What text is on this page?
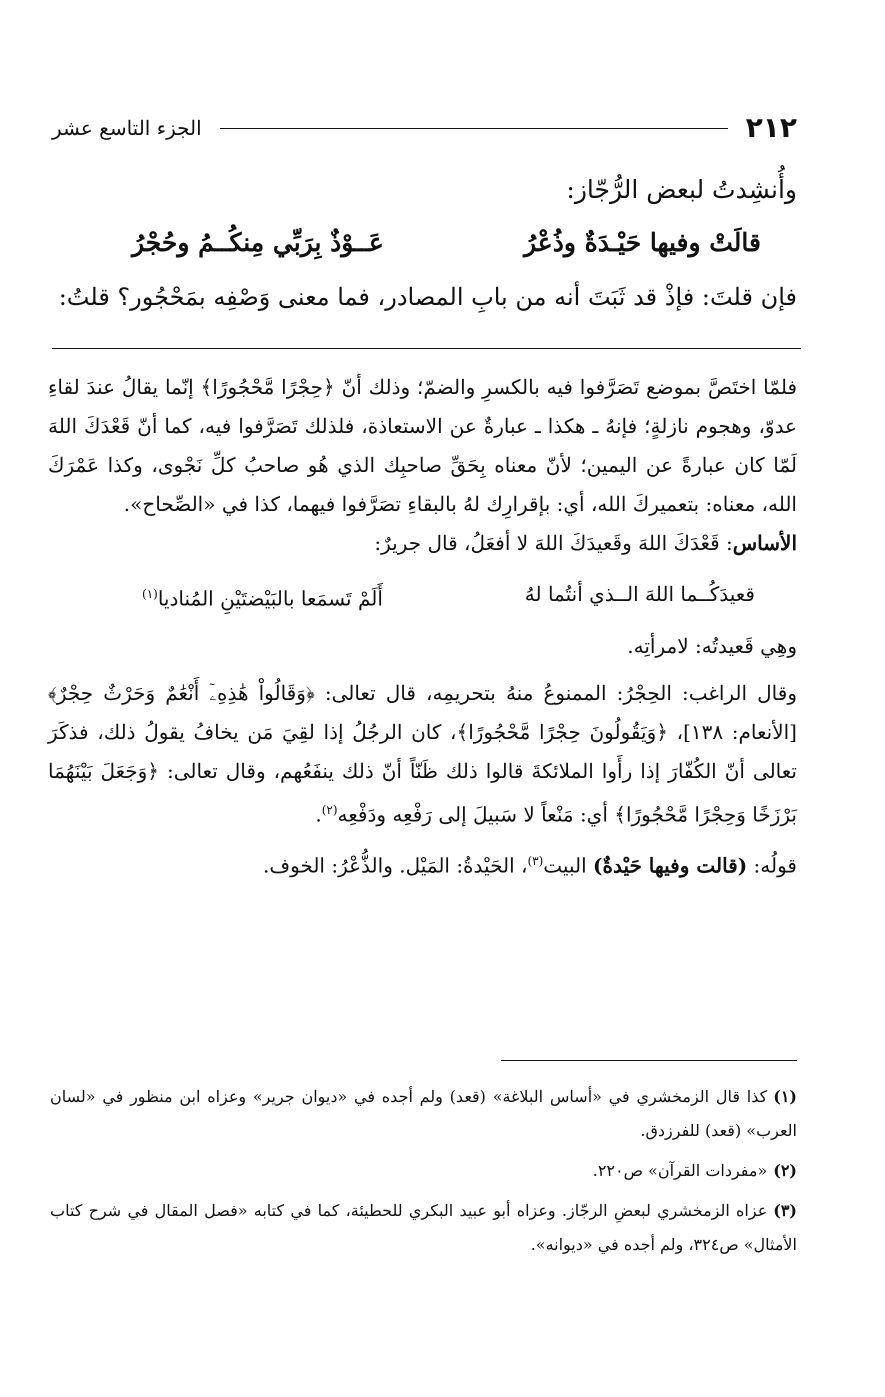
٢١٢
الجزء التاسع عشر

وأُنشِدتُ لبعض الرُّجّاز:

قالَتْ وفيها حَيْـدَةٌ وذُعْرُ
عَــوْذٌ بِرَبِّي مِنكُــمُ وحُجْرُ

فإن قلتَ: فإذْ قد ثَبَتَ أنه من بابِ المصادر، فما معنى وَصْفِه بمَحْجُور؟ قلتُ:

فلمّا اختَصَّ بموضع تَصَرَّفوا فيه بالكسرِ والضمّ؛ وذلك أنّ ﴿حِجْرًا مَّحْجُورًا﴾ إنّما يقالُ عندَ لقاءِ عدوّ، وهجوم نازلةٍ؛ فإنهُ ـ هكذا ـ عبارةٌ عن الاستعاذة، فلذلك تَصَرَّفوا فيه، كما أنّ قَعْدَكَ اللهَ لَمّا كان عبارةً عن اليمين؛ لأنّ معناه بِحَقِّ صاحبِك الذي هُو صاحبُ كلِّ نَجْوى، وكذا عَمْرَكَ الله، معناه: بتعميركَ الله، أي: بإقرارِك لهُ بالبقاءِ تصَرَّفوا فيهما، كذا في «الصِّحاح».

الأساس: قَعْدَكَ اللهَ وقَعيدَكَ اللهَ لا أفعَلُ، قال جريرٌ:

قعيدَكُــما اللهَ الــذي أنتُما لهُ
أَلَمْ تَسمَعا بالبَيْضتَيْنِ المُناديا$^{(١)}$

وهِي قَعيدتُه: لامرأتِه.

وقال الراغب: الحِجْرُ: الممنوعُ منهُ بتحريمِه، قال تعالى: ﴿وَقَالُواْ هَٰذِهِۦٓ أَنْعَٰمٌ وَحَرْثٌ حِجْرٌ﴾ [الأنعام: ١٣٨]، ﴿وَيَقُولُونَ حِجْرًا مَّحْجُورًا﴾، كان الرجُلُ إذا لقِيَ مَن يخافُ يقولُ ذلك، فذكَرَ تعالى أنّ الكُفّارَ إذا رأَوا الملائكةَ قالوا ذلك ظَنّاً أنّ ذلك ينفَعُهم، وقال تعالى: ﴿وَجَعَلَ بَيْنَهُمَا بَرْزَخًا وَحِجْرًا مَّحْجُورًا﴾ أي: مَنْعاً لا سَبيلَ إلى رَفْعِه ودَفْعِه$^{(٢)}$.

قولُه: (قالت وفيها حَيْدةٌ) البيت$^{(٣)}$، الحَيْدةُ: المَيْل. والذُّعْرُ: الخوف.

(١)كذا قال الزمخشري في «أساس البلاغة» (قعد) ولم أجده في «ديوان جرير» وعزاه ابن منظور في «لسان العرب» (قعد) للفرزدق.

(٢)«مفردات القرآن» ص٢٢٠.

(٣)عزاه الزمخشري لبعضِ الرجّاز. وعزاه أبو عبيد البكري للحطيئة، كما في كتابه «فصل المقال في شرح كتاب الأمثال» ص٣٢٤، ولم أجده في «ديوانه».
